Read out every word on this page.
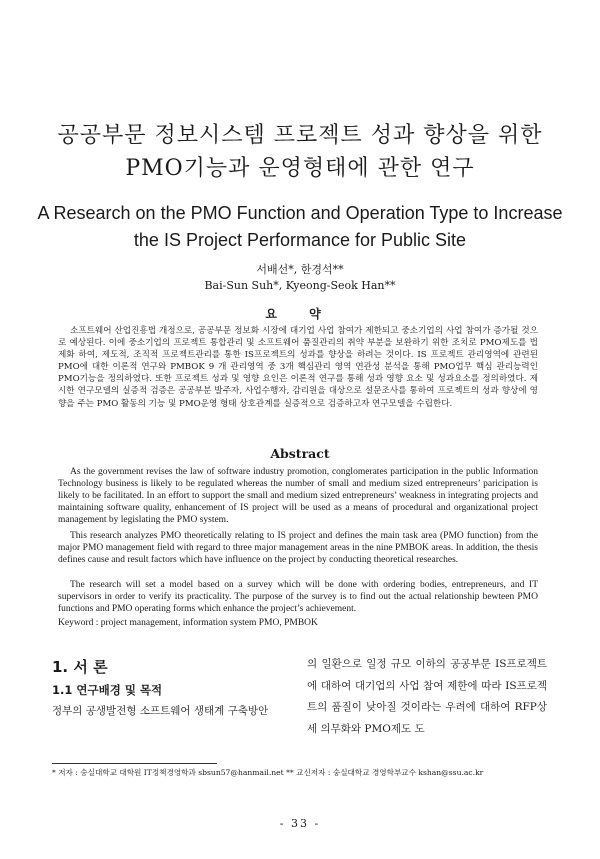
공공부문 정보시스템 프로젝트 성과 향상을 위한
PMO기능과 운영형태에 관한 연구
A Research on the PMO Function and Operation Type to Increase
the IS Project Performance for Public Site
서배선*, 한경석**
Bai-Sun Suh*, Kyeong-Seok Han**
요 약
소프트웨어 산업진흥법 개정으로, 공공부문 정보화 시장에 대기업 사업 참여가 제한되고 중소기업의 사업 참여가 증가될 것으로 예상된다. 이에 중소기업의 프로젝트 통합관리 및 소프트웨어 품질관리의 취약 부분을 보완하기 위한 조치로 PMO제도를 법제화 하여, 제도적, 조직적 프로젝트관리를 통한 IS프로젝트의 성과를 향상을 하려는 것이다. IS 프로젝트 관리영역에 관련된 PMO에 대한 이론적 연구와 PMBOK 9 개 관리영역 중 3개 핵심관리 영역 연관성 분석을 통해 PMO업무 핵심 관리능력인 PMO기능을 정의하였다. 또한 프로젝트 성과 및 영향 요인은 이론적 연구를 통해 성과 영향 요소 및 성과요소를 정의하였다. 제시한 연구모델의 실증적 검증은 공공부분 발주자, 사업수행자, 감리원을 대상으로 설문조사를 통하여 프로젝트의 성과 향상에 영향을 주는 PMO 활동의 기능 및 PMO운영 형태 상호관계를 실증적으로 검증하고자 연구모델을 수립한다.
Abstract
As the government revises the law of software industry promotion, conglomerates participation in the public Information Technology business is likely to be regulated whereas the number of small and medium sized entrepreneurs’ paricipation is likely to be facilitated. In an effort to support the small and medium sized entrepreneurs’ weakness in integrating projects and maintaining software quality, enhancement of IS project will be used as a means of procedural and organizational project management by legislating the PMO system.
This research analyzes PMO theoretically relating to IS project and defines the main task area (PMO function) from the major PMO management field with regard to three major management areas in the nine PMBOK areas. In addition, the thesis defines cause and result factors which have influence on the project by conducting theoretical researches.
The research will set a model based on a survey which will be done with ordering bodies, entrepreneurs, and IT supervisors in order to verify its practicality. The purpose of the survey is to find out the actual relationship bewteen PMO functions and PMO operating forms which enhance the project’s achievement.
Keyword : project management, information system PMO, PMBOK
1. 서 론
1.1 연구배경 및 목적
정부의 공생발전형 소프트웨어 생태계 구축방안
의 일환으로 일정 규모 이하의 공공부문 IS프로젝트에 대하여 대기업의 사업 참여 제한에 따라 IS프로젝트의 품질이 낮아질 것이라는 우려에 대하여 RFP상세 의무화와 PMO제도 도
* 저자 : 숭실대학교 대학원 IT정책경영학과 sbsun57@hanmail.net ** 교신저자 : 숭실대학교 경영학부교수 kshan@ssu.ac.kr
- 33 -
